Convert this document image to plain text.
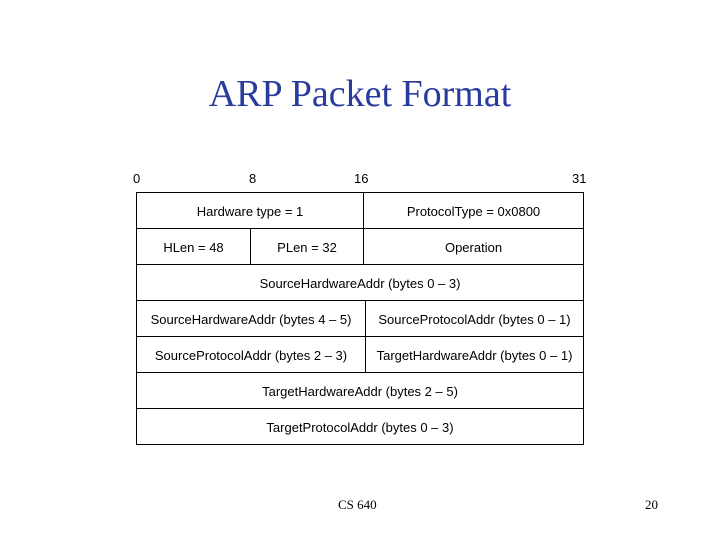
ARP Packet Format
0	8	16	31
Hardware type = 1	ProtocolType = 0x0800
HLen = 48	PLen = 32	Operation
SourceHardwareAddr (bytes 0 – 3)
SourceHardwareAddr (bytes 4 – 5)	SourceProtocolAddr (bytes 0 – 1)
SourceProtocolAddr (bytes 2 – 3)	TargetHardwareAddr (bytes 0 – 1)
TargetHardwareAddr (bytes 2 – 5)
TargetProtocolAddr (bytes 0 – 3)
CS 640	20
